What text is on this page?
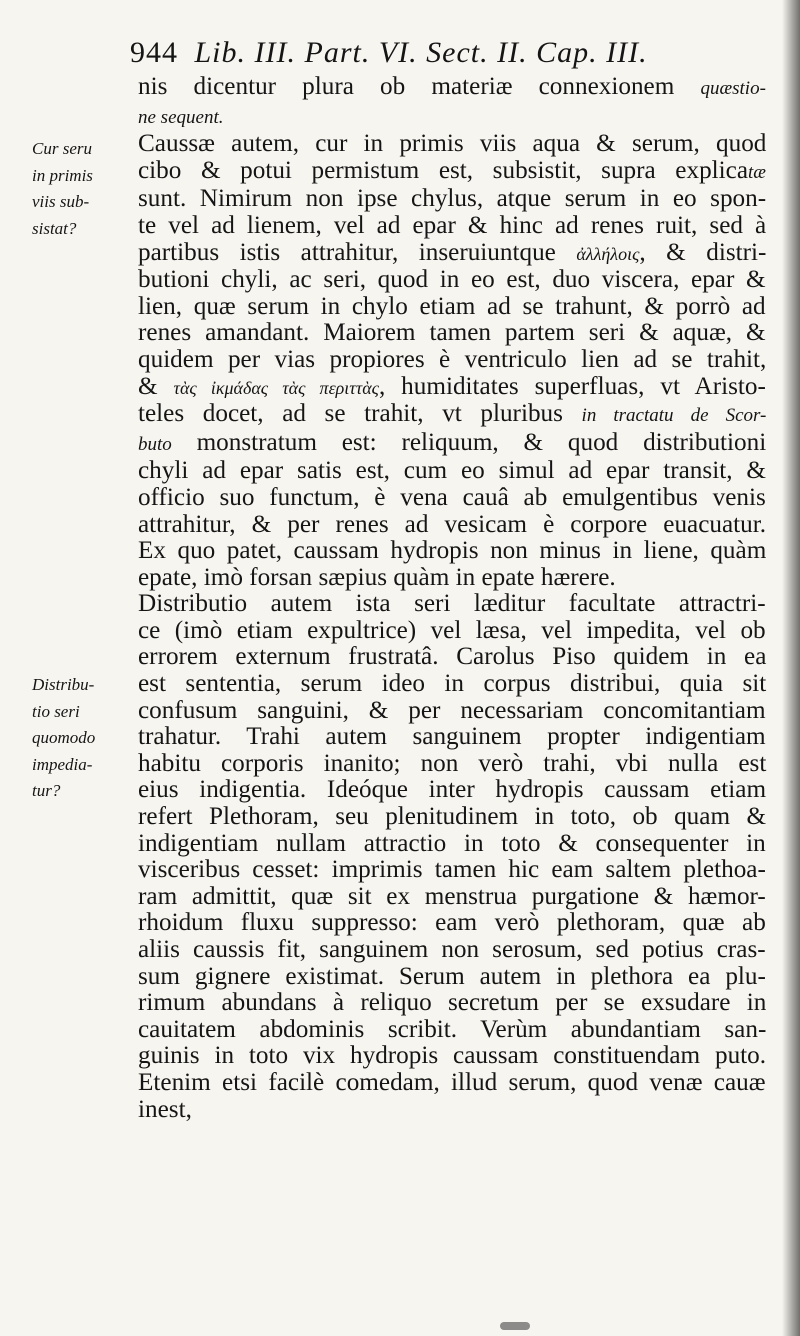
944 Lib. III. Part. VI. Sect. II. Cap. III.
Cur seru
in primis
viis sub-
sistat?
Distribu-
tio seri
quomodo
impedia-
tur?
nis dicentur plura ob materiæ connexionem quæstio-
ne sequent.
Caussæ autem, cur in primis viis aqua & serum, quod
cibo & potui permistum est, subsistit, supra explicatæ
sunt. Nimirum non ipse chylus, atque serum in eo spon-
te vel ad lienem, vel ad epar & hinc ad renes ruit, sed à
partibus istis attrahitur, inseruiuntque ἀλλήλοις, & distri-
butioni chyli, ac seri, quod in eo est, duo viscera, epar &
lien, quæ serum in chylo etiam ad se trahunt, & porrò ad
renes amandant. Maiorem tamen partem seri & aquæ, &
quidem per vias propiores è ventriculo lien ad se trahit,
& τὰς ἰκμάδας τὰς περιττὰς, humiditates superfluas, vt Aristo-
teles docet, ad se trahit, vt pluribus in tractatu de Scor-
buto monstratum est: reliquum, & quod distributioni
chyli ad epar satis est, cum eo simul ad epar transit, &
officio suo functum, è vena cauâ ab emulgentibus venis
attrahitur, & per renes ad vesicam è corpore euacuatur.
Ex quo patet, caussam hydropis non minus in liene, quàm
epate, imò forsan sæpius quàm in epate hærere.
Distributio autem ista seri læditur facultate attractri-
ce (imò etiam expultrice) vel læsa, vel impedita, vel ob
errorem externum frustratâ. Carolus Piso quidem in ea
est sententia, serum ideo in corpus distribui, quia sit
confusum sanguini, & per necessariam concomitantiam
trahatur. Trahi autem sanguinem propter indigentiam
habitu corporis inanito; non verò trahi, vbi nulla est
eius indigentia. Ideóque inter hydropis caussam etiam
refert Plethoram, seu plenitudinem in toto, ob quam &
indigentiam nullam attractio in toto & consequenter in
visceribus cesset: imprimis tamen hic eam saltem plethoa-
ram admittit, quæ sit ex menstrua purgatione & hæmor-
rhoidum fluxu suppresso: eam verò plethoram, quæ ab
aliis caussis fit, sanguinem non serosum, sed potius cras-
sum gignere existimat. Serum autem in plethora ea plu-
rimum abundans à reliquo secretum per se exsudare in
cauitatem abdominis scribit. Verùm abundantiam san-
guinis in toto vix hydropis caussam constituendam puto.
Etenim etsi facilè comedam, illud serum, quod venæ cauæ
inest,
